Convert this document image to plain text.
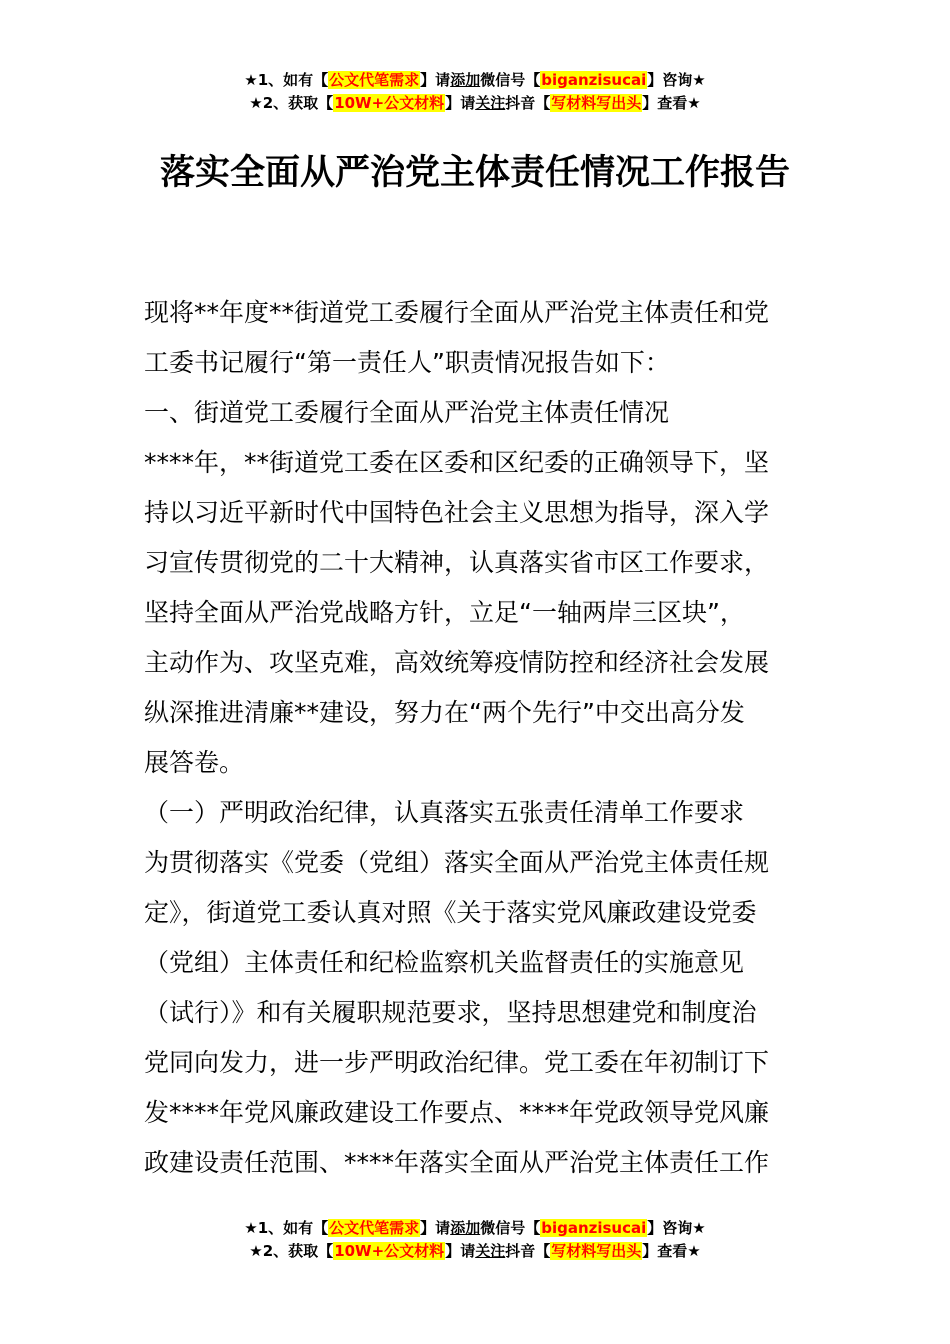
★1、如有【公文代笔需求】请添加微信号【biganzisucai】咨询★
★2、获取【10W+公文材料】请关注抖音【写材料写出头】查看★
落实全面从严治党主体责任情况工作报告
现将**年度**街道党工委履行全面从严治党主体责任和党
工委书记履行“第一责任人”职责情况报告如下：
一、街道党工委履行全面从严治党主体责任情况
****年，**街道党工委在区委和区纪委的正确领导下，坚
持以习近平新时代中国特色社会主义思想为指导，深入学
习宣传贯彻党的二十大精神，认真落实省市区工作要求，
坚持全面从严治党战略方针，立足“一轴两岸三区块”，
主动作为、攻坚克难，高效统筹疫情防控和经济社会发展
纵深推进清廉**建设，努力在“两个先行”中交出高分发
展答卷。
（一）严明政治纪律，认真落实五张责任清单工作要求
为贯彻落实《党委（党组）落实全面从严治党主体责任规
定》，街道党工委认真对照《关于落实党风廉政建设党委
（党组）主体责任和纪检监察机关监督责任的实施意见
（试行）》和有关履职规范要求，坚持思想建党和制度治
党同向发力，进一步严明政治纪律。党工委在年初制订下
发****年党风廉政建设工作要点、****年党政领导党风廉
政建设责任范围、****年落实全面从严治党主体责任工作
★1、如有【公文代笔需求】请添加微信号【biganzisucai】咨询★
★2、获取【10W+公文材料】请关注抖音【写材料写出头】查看★
